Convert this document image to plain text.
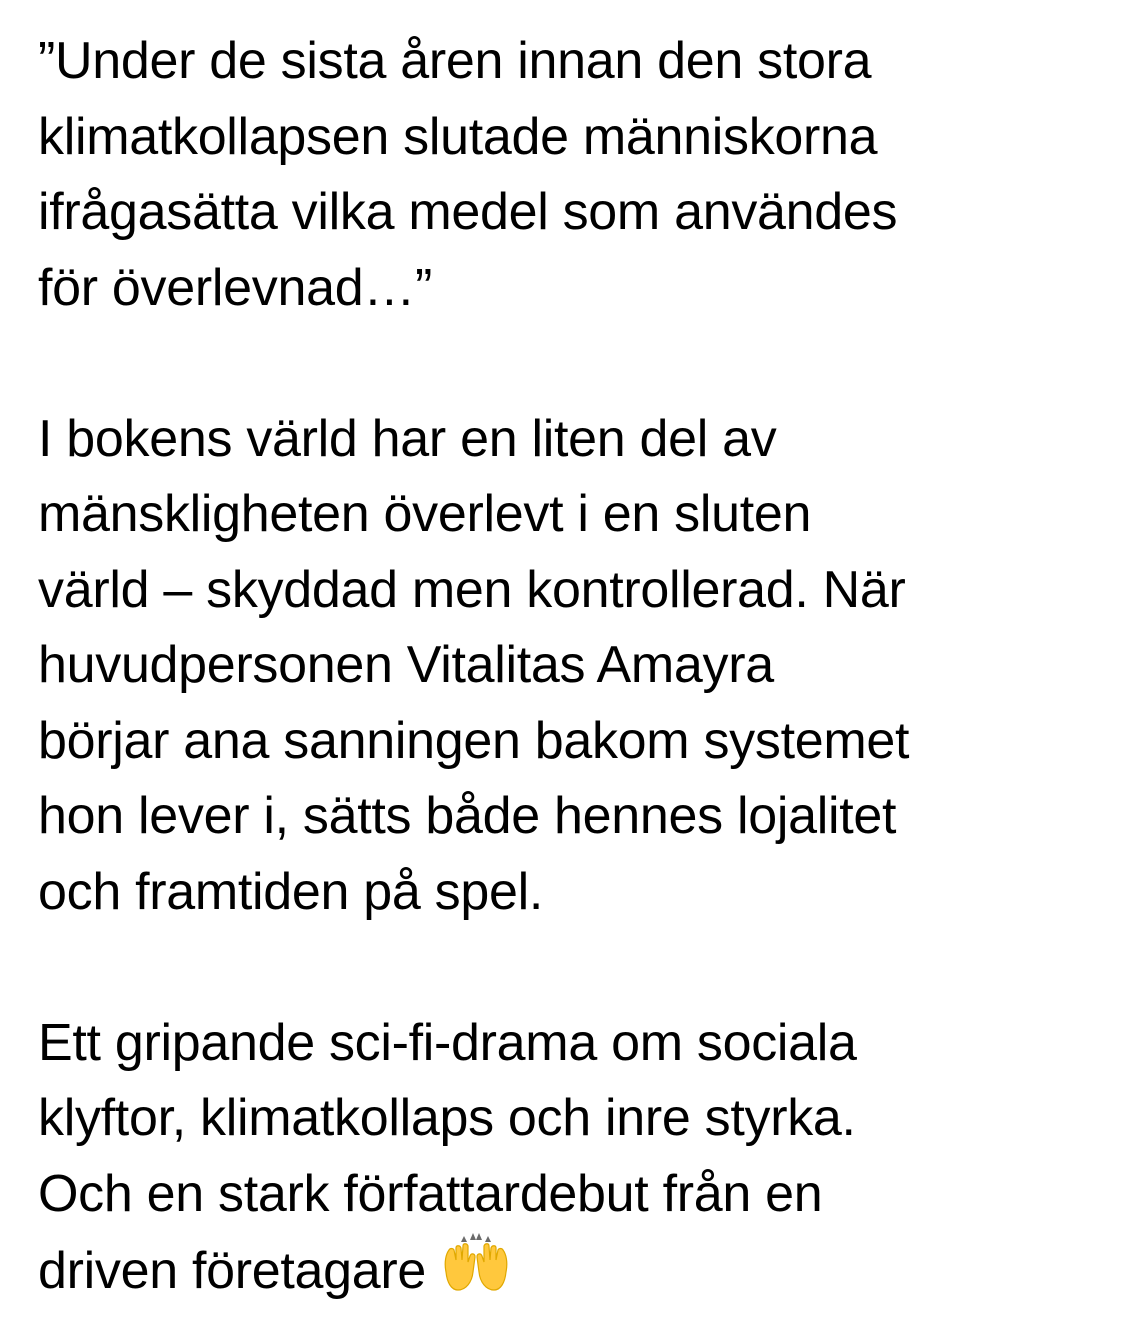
”Under de sista åren innan den stora
klimatkollapsen slutade människorna
ifrågasätta vilka medel som användes
för överlevnad…”

I bokens värld har en liten del av
mänskligheten överlevt i en sluten
värld – skyddad men kontrollerad. När
huvudpersonen Vitalitas Amayra
börjar ana sanningen bakom systemet
hon lever i, sätts både hennes lojalitet
och framtiden på spel.

Ett gripande sci-fi-drama om sociala
klyftor, klimatkollaps och inre styrka.
Och en stark författardebut från en
driven företagare
